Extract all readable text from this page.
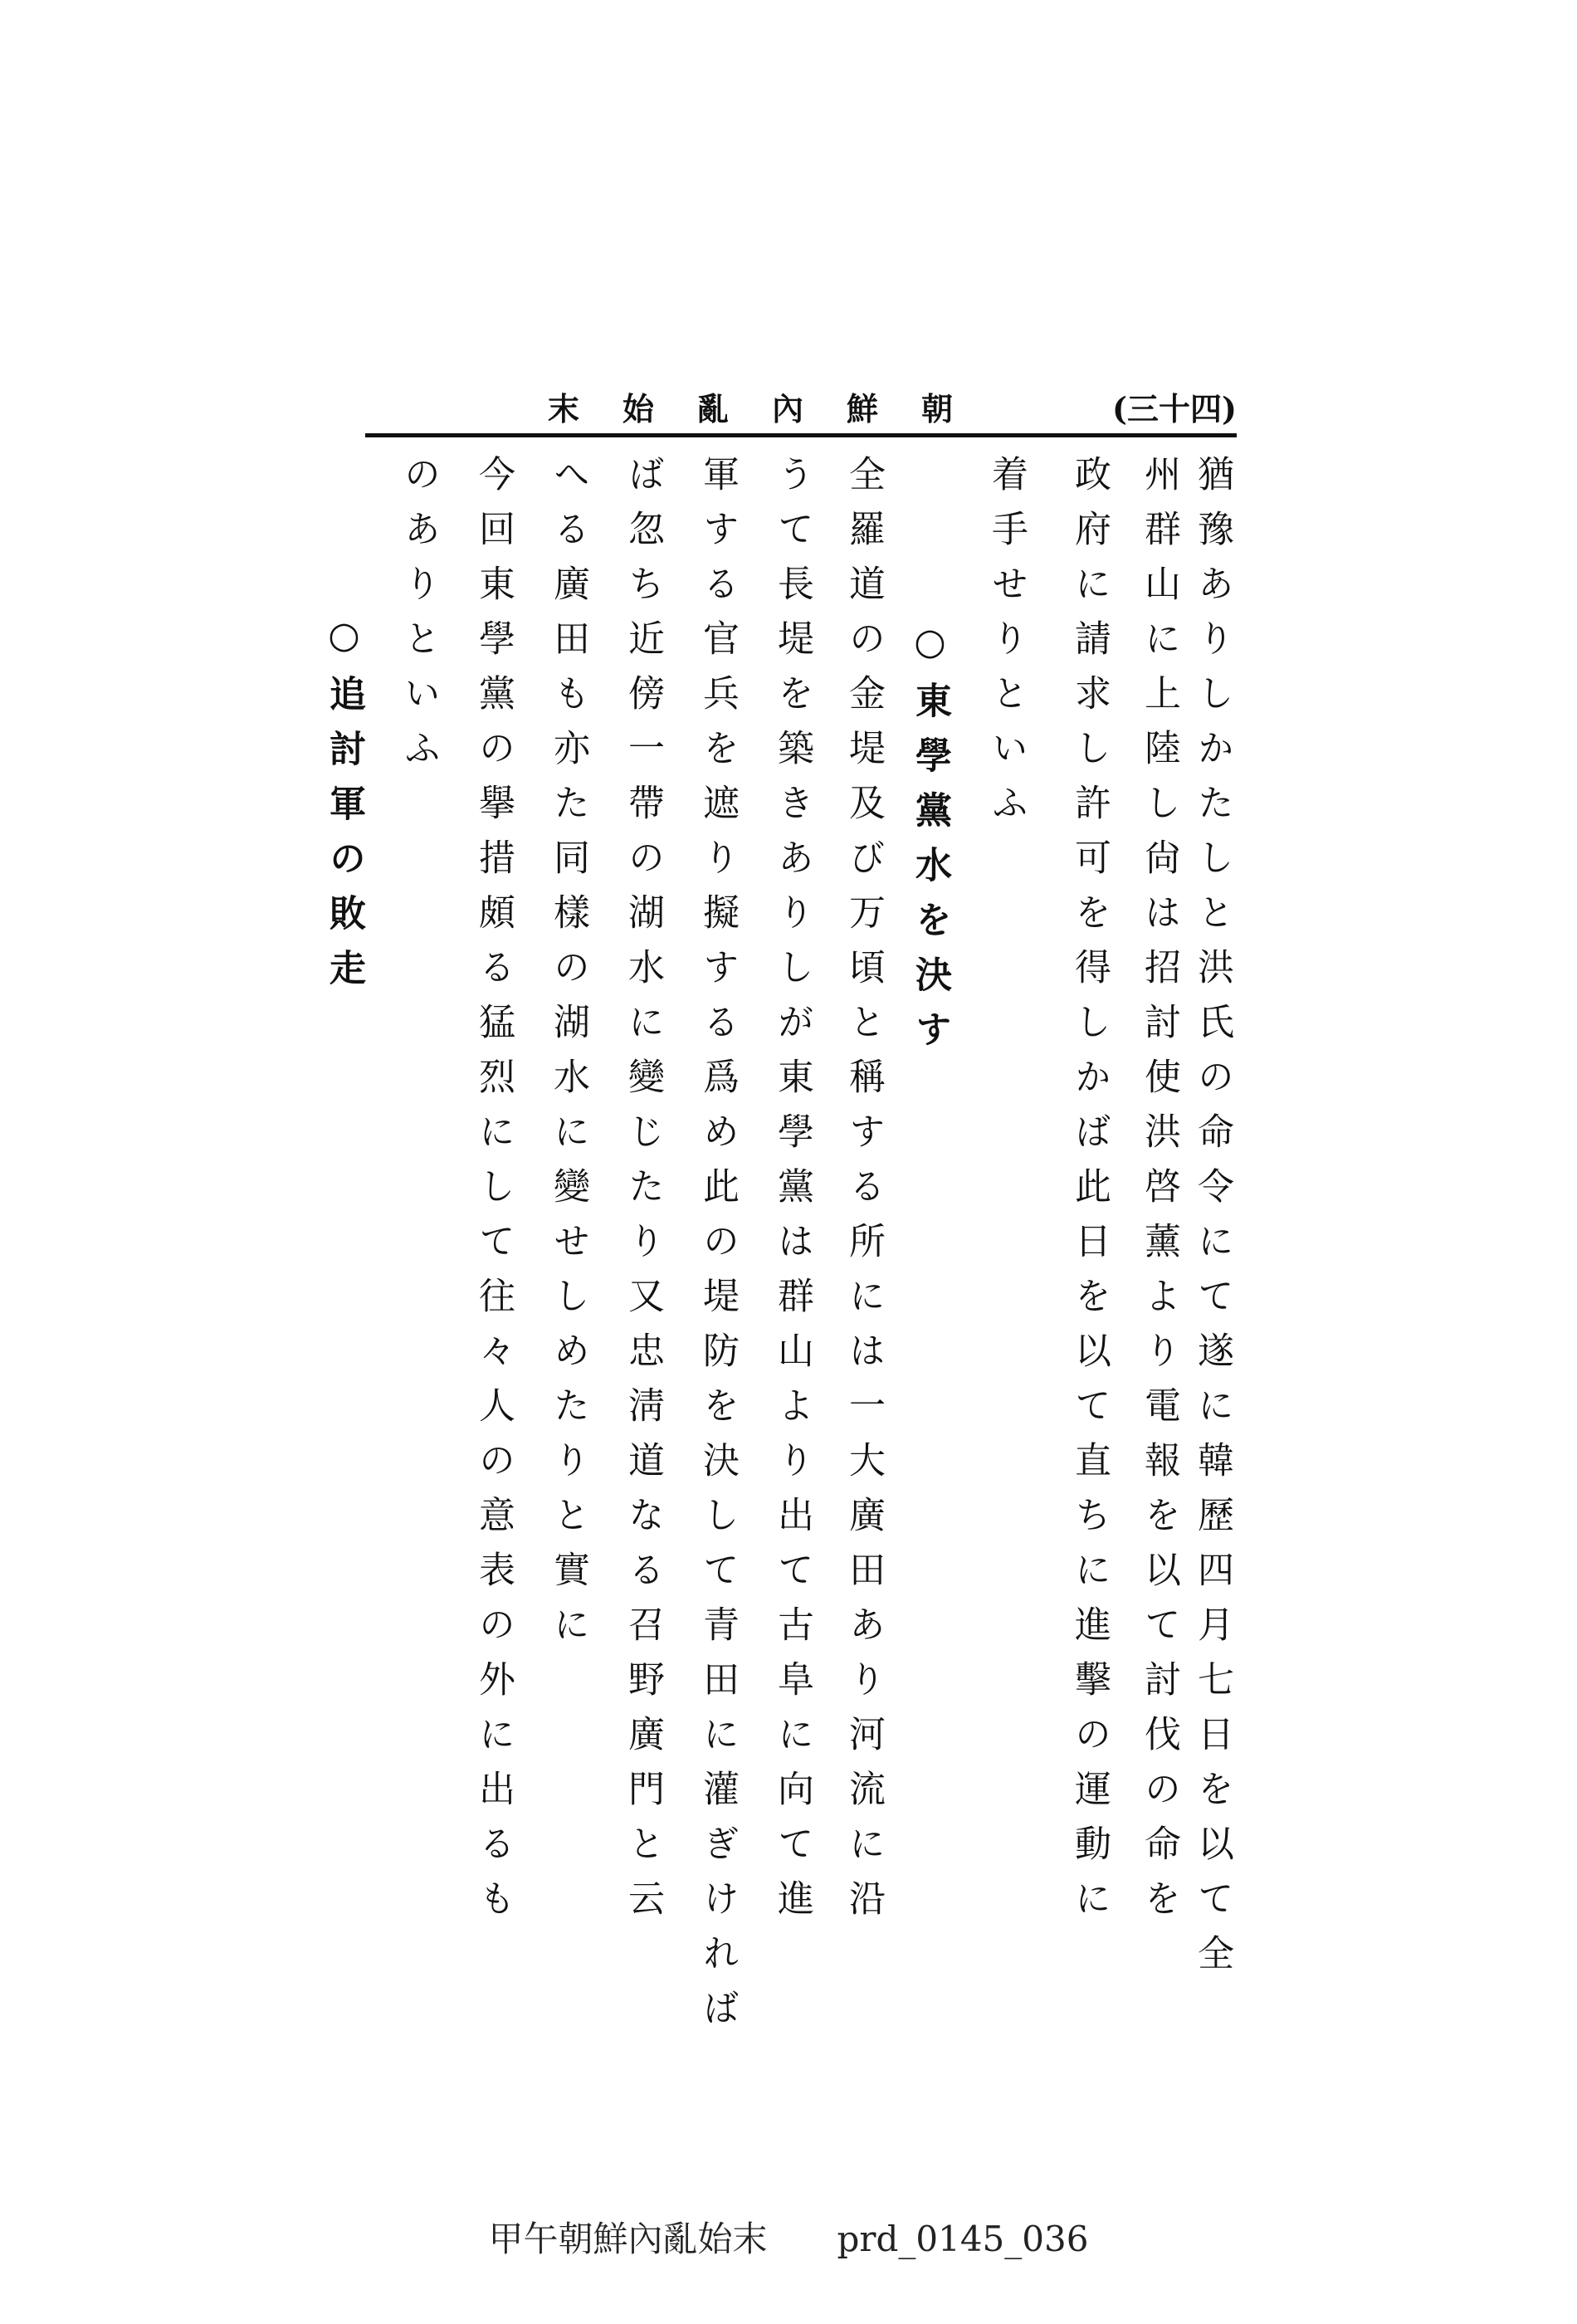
末始亂內鮮朝	(三十四)
猶豫ありしかたしと洪氏の命令にて遂に韓歷四月七日を以て全
州群山に上陸し尙は招討使洪啓薰より電報を以て討伐の命を
政府に請求し許可を得しかば此日を以て直ちに進擊の運動に
着手せりといふ
○東學黨水を決す
全羅道の金堤及び万頃と稱する所には一大廣田あり河流に沿
うて長堤を築きありしが東學黨は群山より出て古阜に向て進
軍する官兵を遮り擬する爲め此の堤防を決して青田に灌ぎければ
ば忽ち近傍一帶の湖水に變じたり又忠淸道なる召野廣門と云
へる廣田も亦た同樣の湖水に變せしめたりと實に
今回東學黨の擧措頗る猛烈にして往々人の意表の外に出るも
のありといふ
○追討軍の敗走
甲午朝鮮內亂始末　　prd_0145_036
